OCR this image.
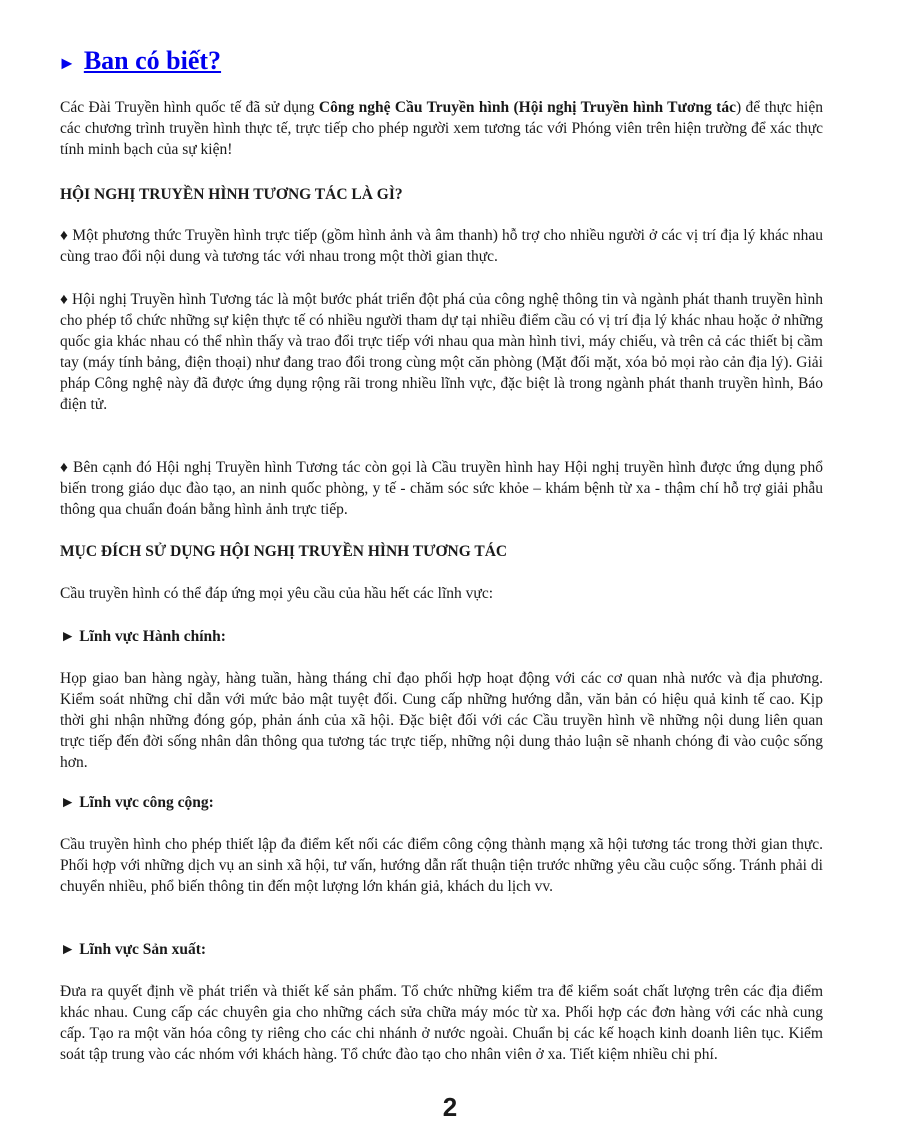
► Ban có biết?

Các Đài Truyền hình quốc tế đã sử dụng Công nghệ Cầu Truyền hình (Hội nghị Truyền hình Tương tác) để thực hiện các chương trình truyền hình thực tế, trực tiếp cho phép người xem tương tác với Phóng viên trên hiện trường để xác thực tính minh bạch của sự kiện!

HỘI NGHỊ TRUYỀN HÌNH TƯƠNG TÁC LÀ GÌ?

♦ Một phương thức Truyền hình trực tiếp (gồm hình ảnh và âm thanh) hỗ trợ cho nhiều người ở các vị trí địa lý khác nhau cùng trao đổi nội dung và tương tác với nhau trong một thời gian thực.

♦ Hội nghị Truyền hình Tương tác là một bước phát triển đột phá của công nghệ thông tin và ngành phát thanh truyền hình cho phép tổ chức những sự kiện thực tế có nhiều người tham dự tại nhiều điểm cầu có vị trí địa lý khác nhau hoặc ở những quốc gia khác nhau có thể nhìn thấy và trao đổi trực tiếp với nhau qua màn hình tivi, máy chiếu, và trên cả các thiết bị cầm tay (máy tính bảng, điện thoại) như đang trao đổi trong cùng một căn phòng (Mặt đối mặt, xóa bỏ mọi rào cản địa lý). Giải pháp Công nghệ này đã được ứng dụng rộng rãi trong nhiều lĩnh vực, đặc biệt là trong ngành phát thanh truyền hình, Báo điện tử.

♦ Bên cạnh đó Hội nghị Truyền hình Tương tác còn gọi là Cầu truyền hình hay Hội nghị truyền hình được ứng dụng phổ biến trong giáo dục đào tạo, an ninh quốc phòng, y tế - chăm sóc sức khỏe – khám bệnh từ xa - thậm chí hỗ trợ giải phẫu thông qua chuẩn đoán bằng hình ảnh trực tiếp.

MỤC ĐÍCH SỬ DỤNG HỘI NGHỊ TRUYỀN HÌNH TƯƠNG TÁC

Cầu truyền hình có thể đáp ứng mọi yêu cầu của hầu hết các lĩnh vực:

► Lĩnh vực Hành chính:

Họp giao ban hàng ngày, hàng tuần, hàng tháng chỉ đạo phối hợp hoạt động với các cơ quan nhà nước và địa phương. Kiểm soát những chỉ dẫn với mức bảo mật tuyệt đối. Cung cấp những hướng dẫn, văn bản có hiệu quả kinh tế cao. Kịp thời ghi nhận những đóng góp, phản ánh của xã hội. Đặc biệt đối với các Cầu truyền hình về những nội dung liên quan trực tiếp đến đời sống nhân dân thông qua tương tác trực tiếp, những nội dung thảo luận sẽ nhanh chóng đi vào cuộc sống hơn.

► Lĩnh vực công cộng:

Cầu truyền hình cho phép thiết lập đa điểm kết nối các điểm công cộng thành mạng xã hội tương tác trong thời gian thực. Phối hợp với những dịch vụ an sinh xã hội, tư vấn, hướng dẫn rất thuận tiện trước những yêu cầu cuộc sống. Tránh phải di chuyển nhiều, phổ biến thông tin đến một lượng lớn khán giả, khách du lịch vv.

► Lĩnh vực Sản xuất:

Đưa ra quyết định về phát triển và thiết kế sản phẩm. Tổ chức những kiểm tra để kiểm soát chất lượng trên các địa điểm khác nhau. Cung cấp các chuyên gia cho những cách sửa chữa máy móc từ xa. Phối hợp các đơn hàng với các nhà cung cấp. Tạo ra một văn hóa công ty riêng cho các chi nhánh ở nước ngoài. Chuẩn bị các kế hoạch kinh doanh liên tục. Kiểm soát tập trung vào các nhóm với khách hàng. Tổ chức đào tạo cho nhân viên ở xa. Tiết kiệm nhiều chi phí.

2
